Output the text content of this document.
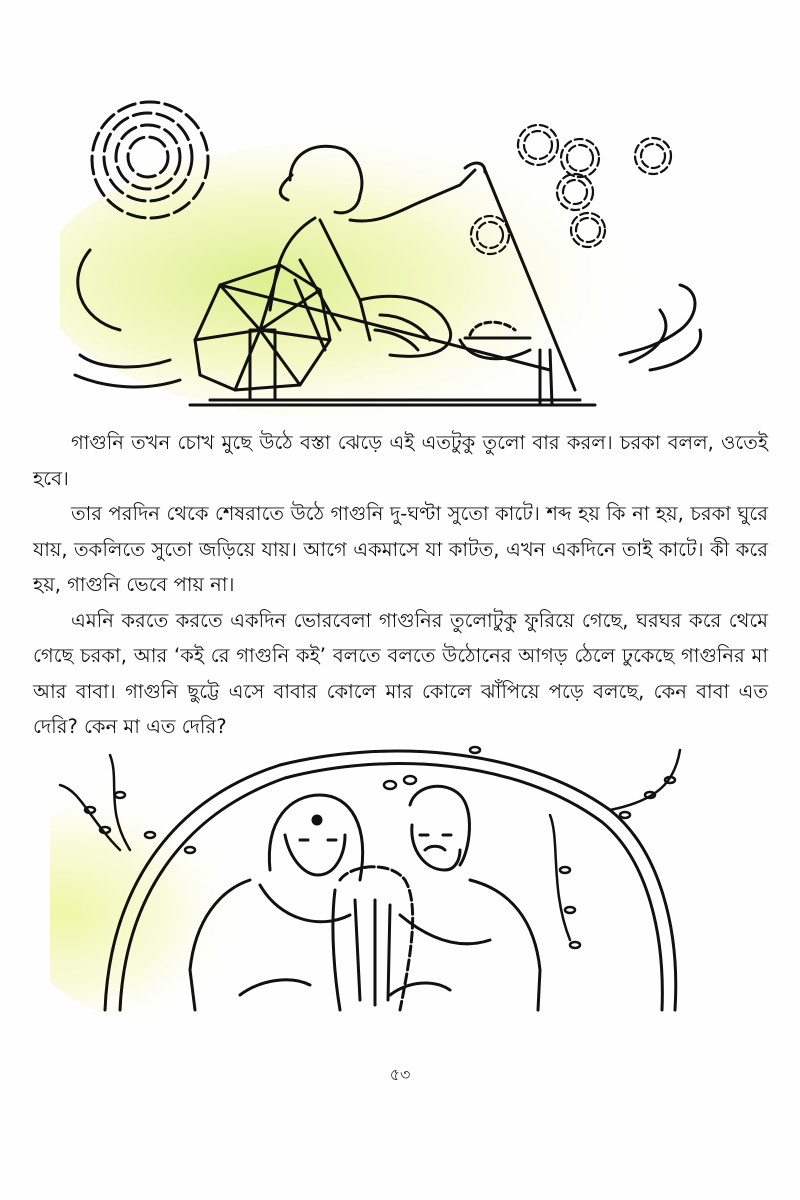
গাগুনি তখন চোখ মুছে উঠে বস্তা ঝেড়ে এই এতটুকু তুলো বার করল। চরকা বলল, ওতেই হবে।

তার পরদিন থেকে শেষরাতে উঠে গাগুনি দু-ঘণ্টা সুতো কাটে। শব্দ হয় কি না হয়, চরকা ঘুরে যায়, তকলিতে সুতো জড়িয়ে যায়। আগে একমাসে যা কাটত, এখন একদিনে তাই কাটে। কী করে হয়, গাগুনি ভেবে পায় না।

এমনি করতে করতে একদিন ভোরবেলা গাগুনির তুলোটুকু ফুরিয়ে গেছে, ঘরঘর করে থেমে গেছে চরকা, আর ‘কই রে গাগুনি কই’ বলতে বলতে উঠোনের আগড় ঠেলে ঢুকেছে গাগুনির মা আর বাবা। গাগুনি ছুট্টে এসে বাবার কোলে মার কোলে ঝাঁপিয়ে পড়ে বলছে, কেন বাবা এত দেরি? কেন মা এত দেরি?

৫৩
